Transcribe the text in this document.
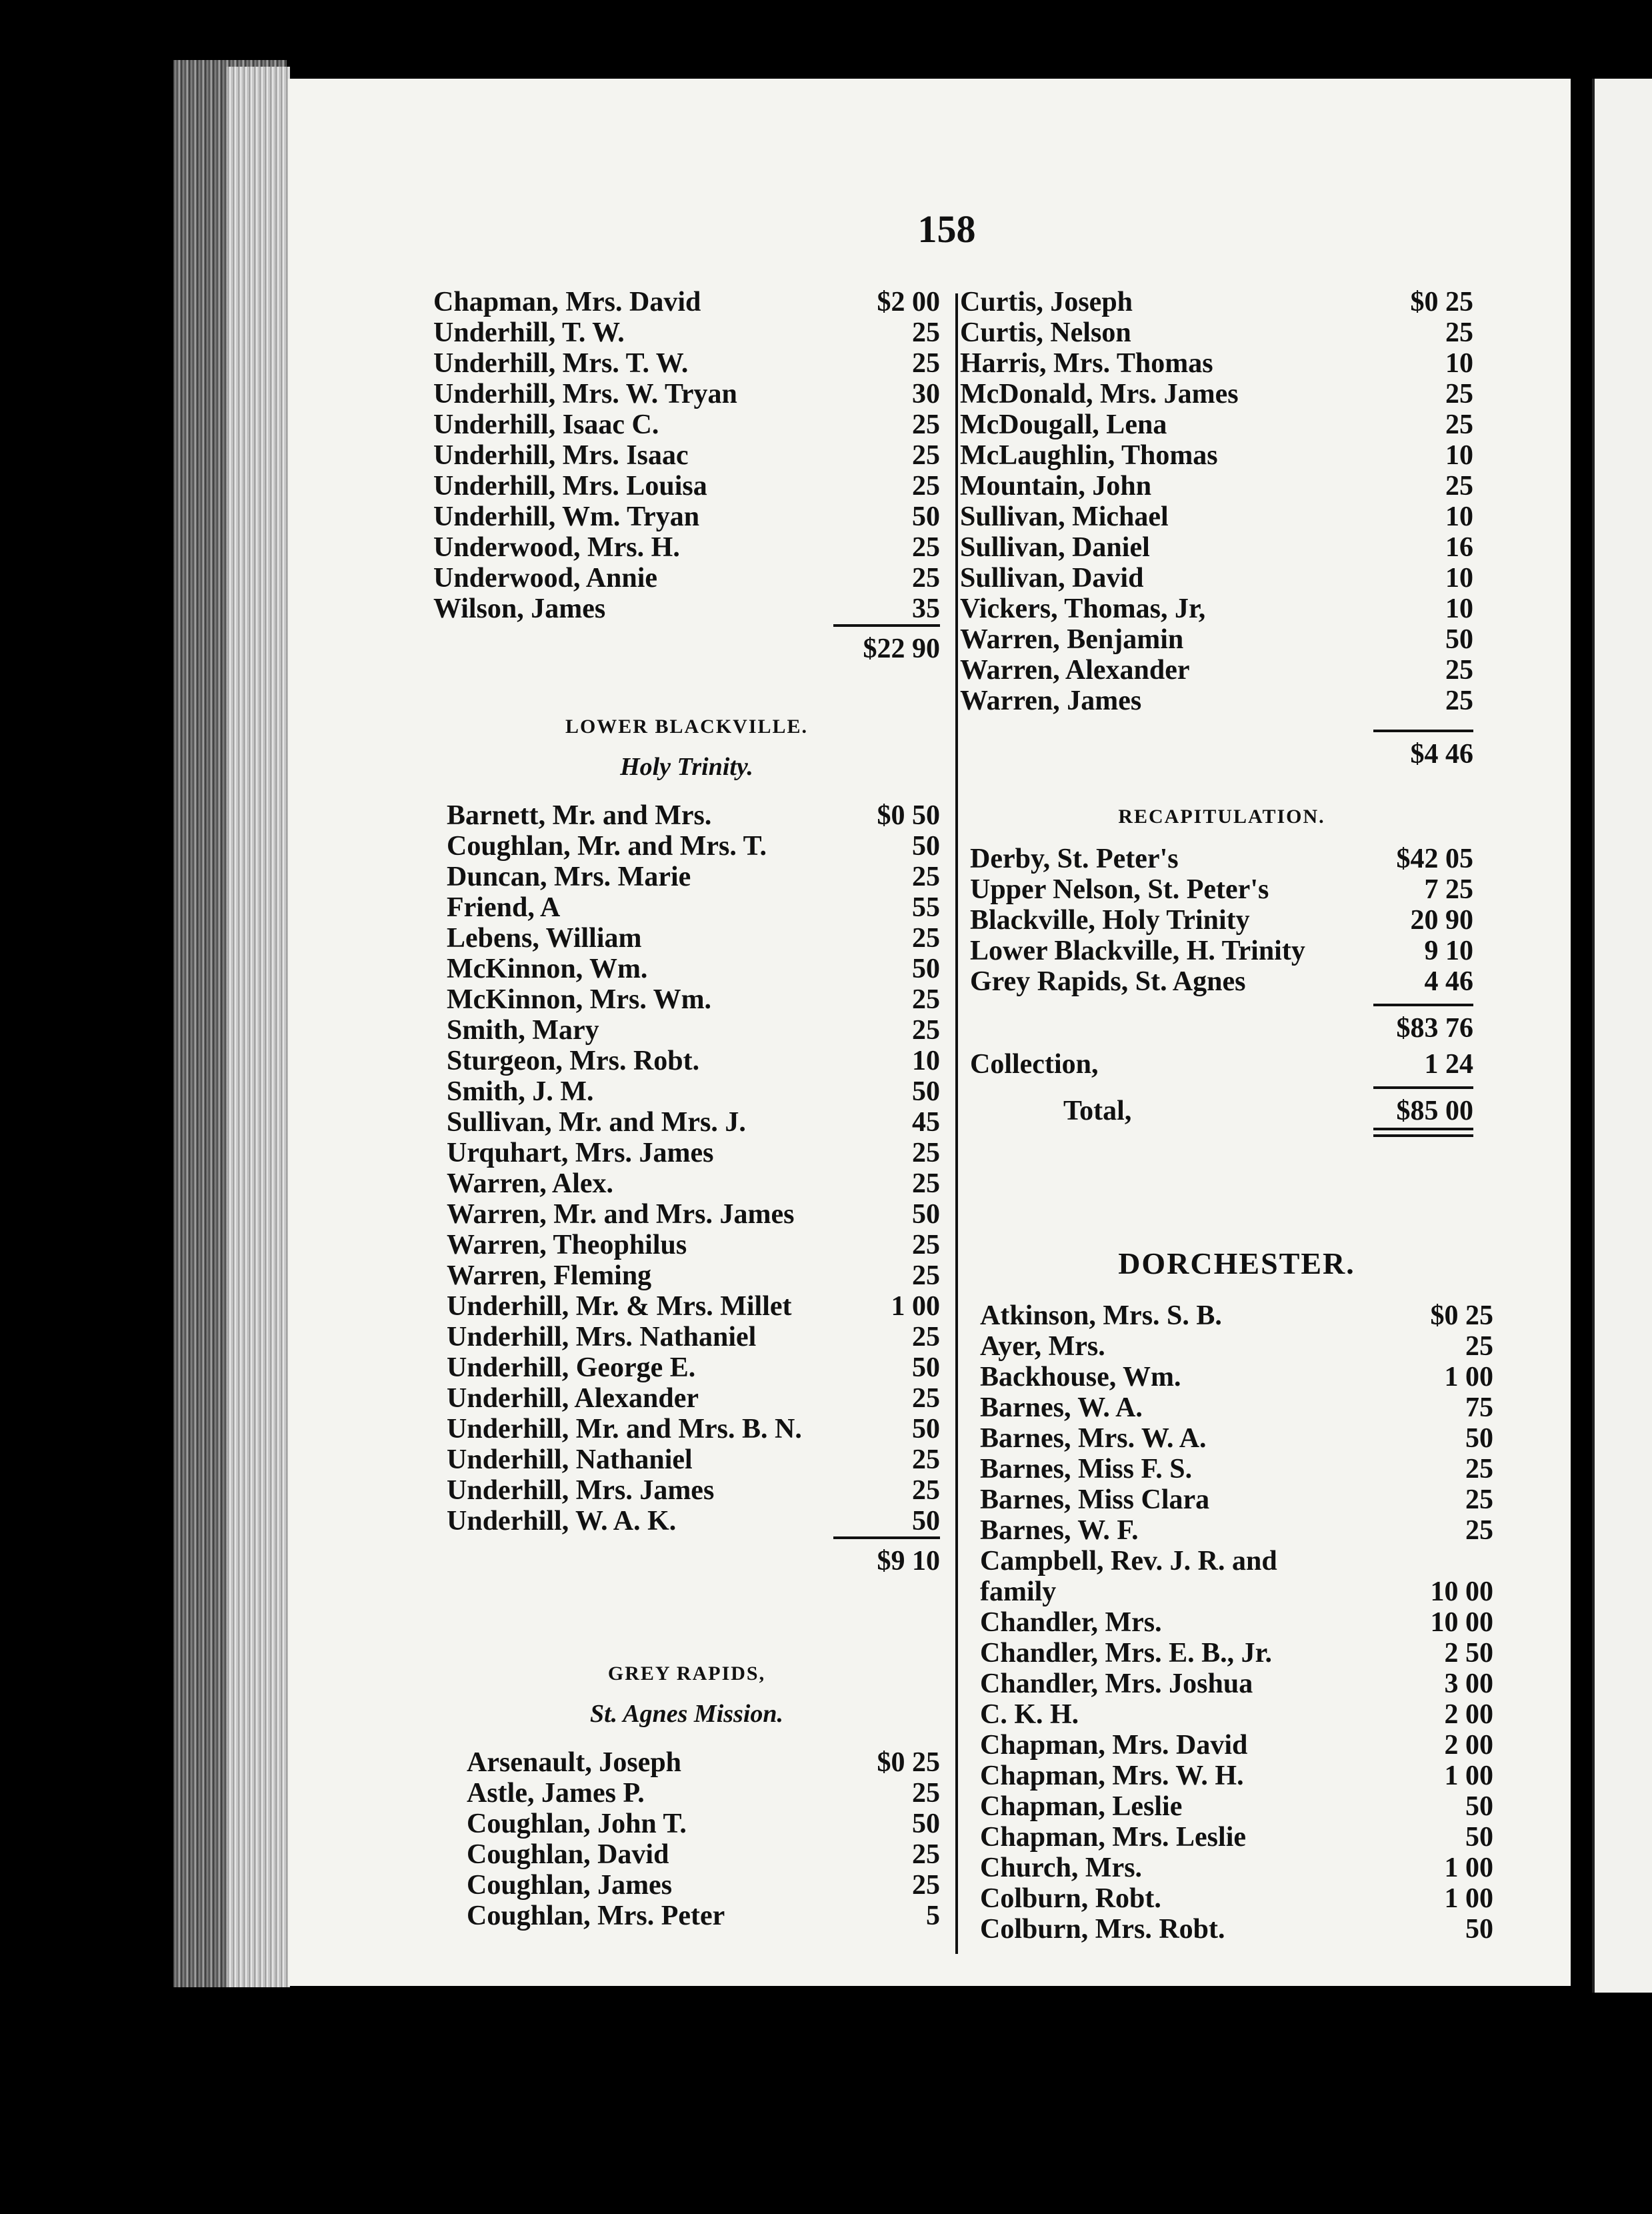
158
Chapman, Mrs. David	$2 00
Underhill, T. W.	25
Underhill, Mrs. T. W.	25
Underhill, Mrs. W. Tryan	30
Underhill, Isaac C.	25
Underhill, Mrs. Isaac	25
Underhill, Mrs. Louisa	25
Underhill, Wm. Tryan	50
Underwood, Mrs. H.	25
Underwood, Annie	25
Wilson, James	35
$22 90
LOWER BLACKVILLE.
Holy Trinity.
Barnett, Mr. and Mrs.	$0 50
Coughlan, Mr. and Mrs. T.	50
Duncan, Mrs. Marie	25
Friend, A	55
Lebens, William	25
McKinnon, Wm.	50
McKinnon, Mrs. Wm.	25
Smith, Mary	25
Sturgeon, Mrs. Robt.	10
Smith, J. M.	50
Sullivan, Mr. and Mrs. J.	45
Urquhart, Mrs. James	25
Warren, Alex.	25
Warren, Mr. and Mrs. James	50
Warren, Theophilus	25
Warren, Fleming	25
Underhill, Mr. & Mrs. Millet	1 00
Underhill, Mrs. Nathaniel	25
Underhill, George E.	50
Underhill, Alexander	25
Underhill, Mr. and Mrs. B. N.	50
Underhill, Nathaniel	25
Underhill, Mrs. James	25
Underhill, W. A. K.	50
$9 10
GREY RAPIDS,
St. Agnes Mission.
Arsenault, Joseph	$0 25
Astle, James P.	25
Coughlan, John T.	50
Coughlan, David	25
Coughlan, James	25
Coughlan, Mrs. Peter	5
Curtis, Joseph	$0 25
Curtis, Nelson	25
Harris, Mrs. Thomas	10
McDonald, Mrs. James	25
McDougall, Lena	25
McLaughlin, Thomas	10
Mountain, John	25
Sullivan, Michael	10
Sullivan, Daniel	16
Sullivan, David	10
Vickers, Thomas, Jr,	10
Warren, Benjamin	50
Warren, Alexander	25
Warren, James	25
$4 46
RECAPITULATION.
Derby, St. Peter's	$42 05
Upper Nelson, St. Peter's	7 25
Blackville, Holy Trinity	20 90
Lower Blackville, H. Trinity	9 10
Grey Rapids, St. Agnes	4 46
$83 76
Collection,	1 24
Total,	$85 00
DORCHESTER.
Atkinson, Mrs. S. B.	$0 25
Ayer, Mrs.	25
Backhouse, Wm.	1 00
Barnes, W. A.	75
Barnes, Mrs. W. A.	50
Barnes, Miss F. S.	25
Barnes, Miss Clara	25
Barnes, W. F.	25
Campbell, Rev. J. R. and
family	10 00
Chandler, Mrs.	10 00
Chandler, Mrs. E. B., Jr.	2 50
Chandler, Mrs. Joshua	3 00
C. K. H.	2 00
Chapman, Mrs. David	2 00
Chapman, Mrs. W. H.	1 00
Chapman, Leslie	50
Chapman, Mrs. Leslie	50
Church, Mrs.	1 00
Colburn, Robt.	1 00
Colburn, Mrs. Robt.	50
